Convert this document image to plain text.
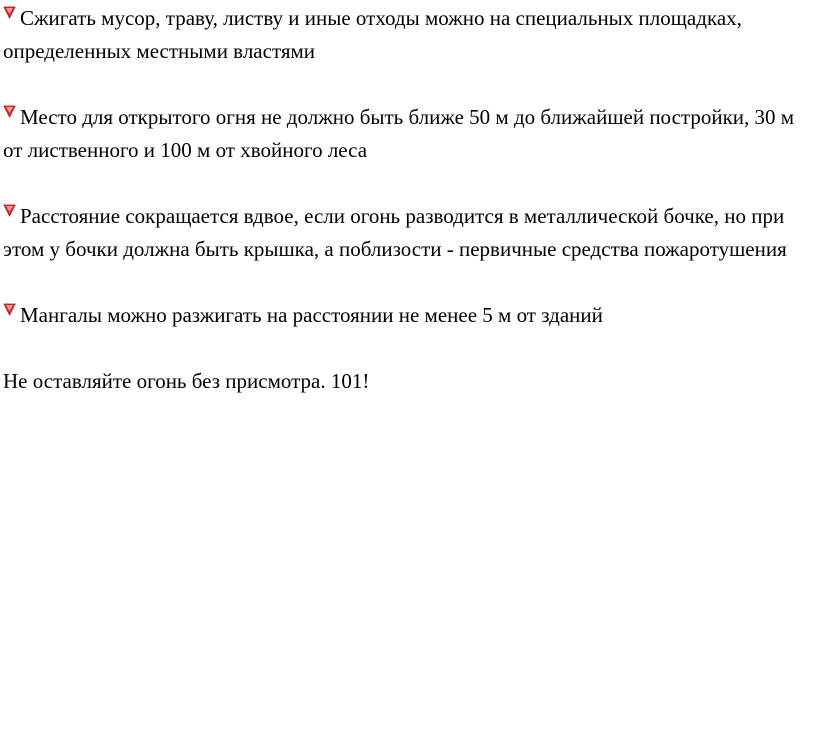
Сжигать мусор, траву, листву и иные отходы можно на специальных площадках, определенных местными властями

Место для открытого огня не должно быть ближе 50 м до ближайшей постройки, 30 м от лиственного и 100 м от хвойного леса

Расстояние сокращается вдвое, если огонь разводится в металлической бочке, но при этом у бочки должна быть крышка, а поблизости - первичные средства пожаротушения

Мангалы можно разжигать на расстоянии не менее 5 м от зданий

Не оставляйте огонь без присмотра. 101!
